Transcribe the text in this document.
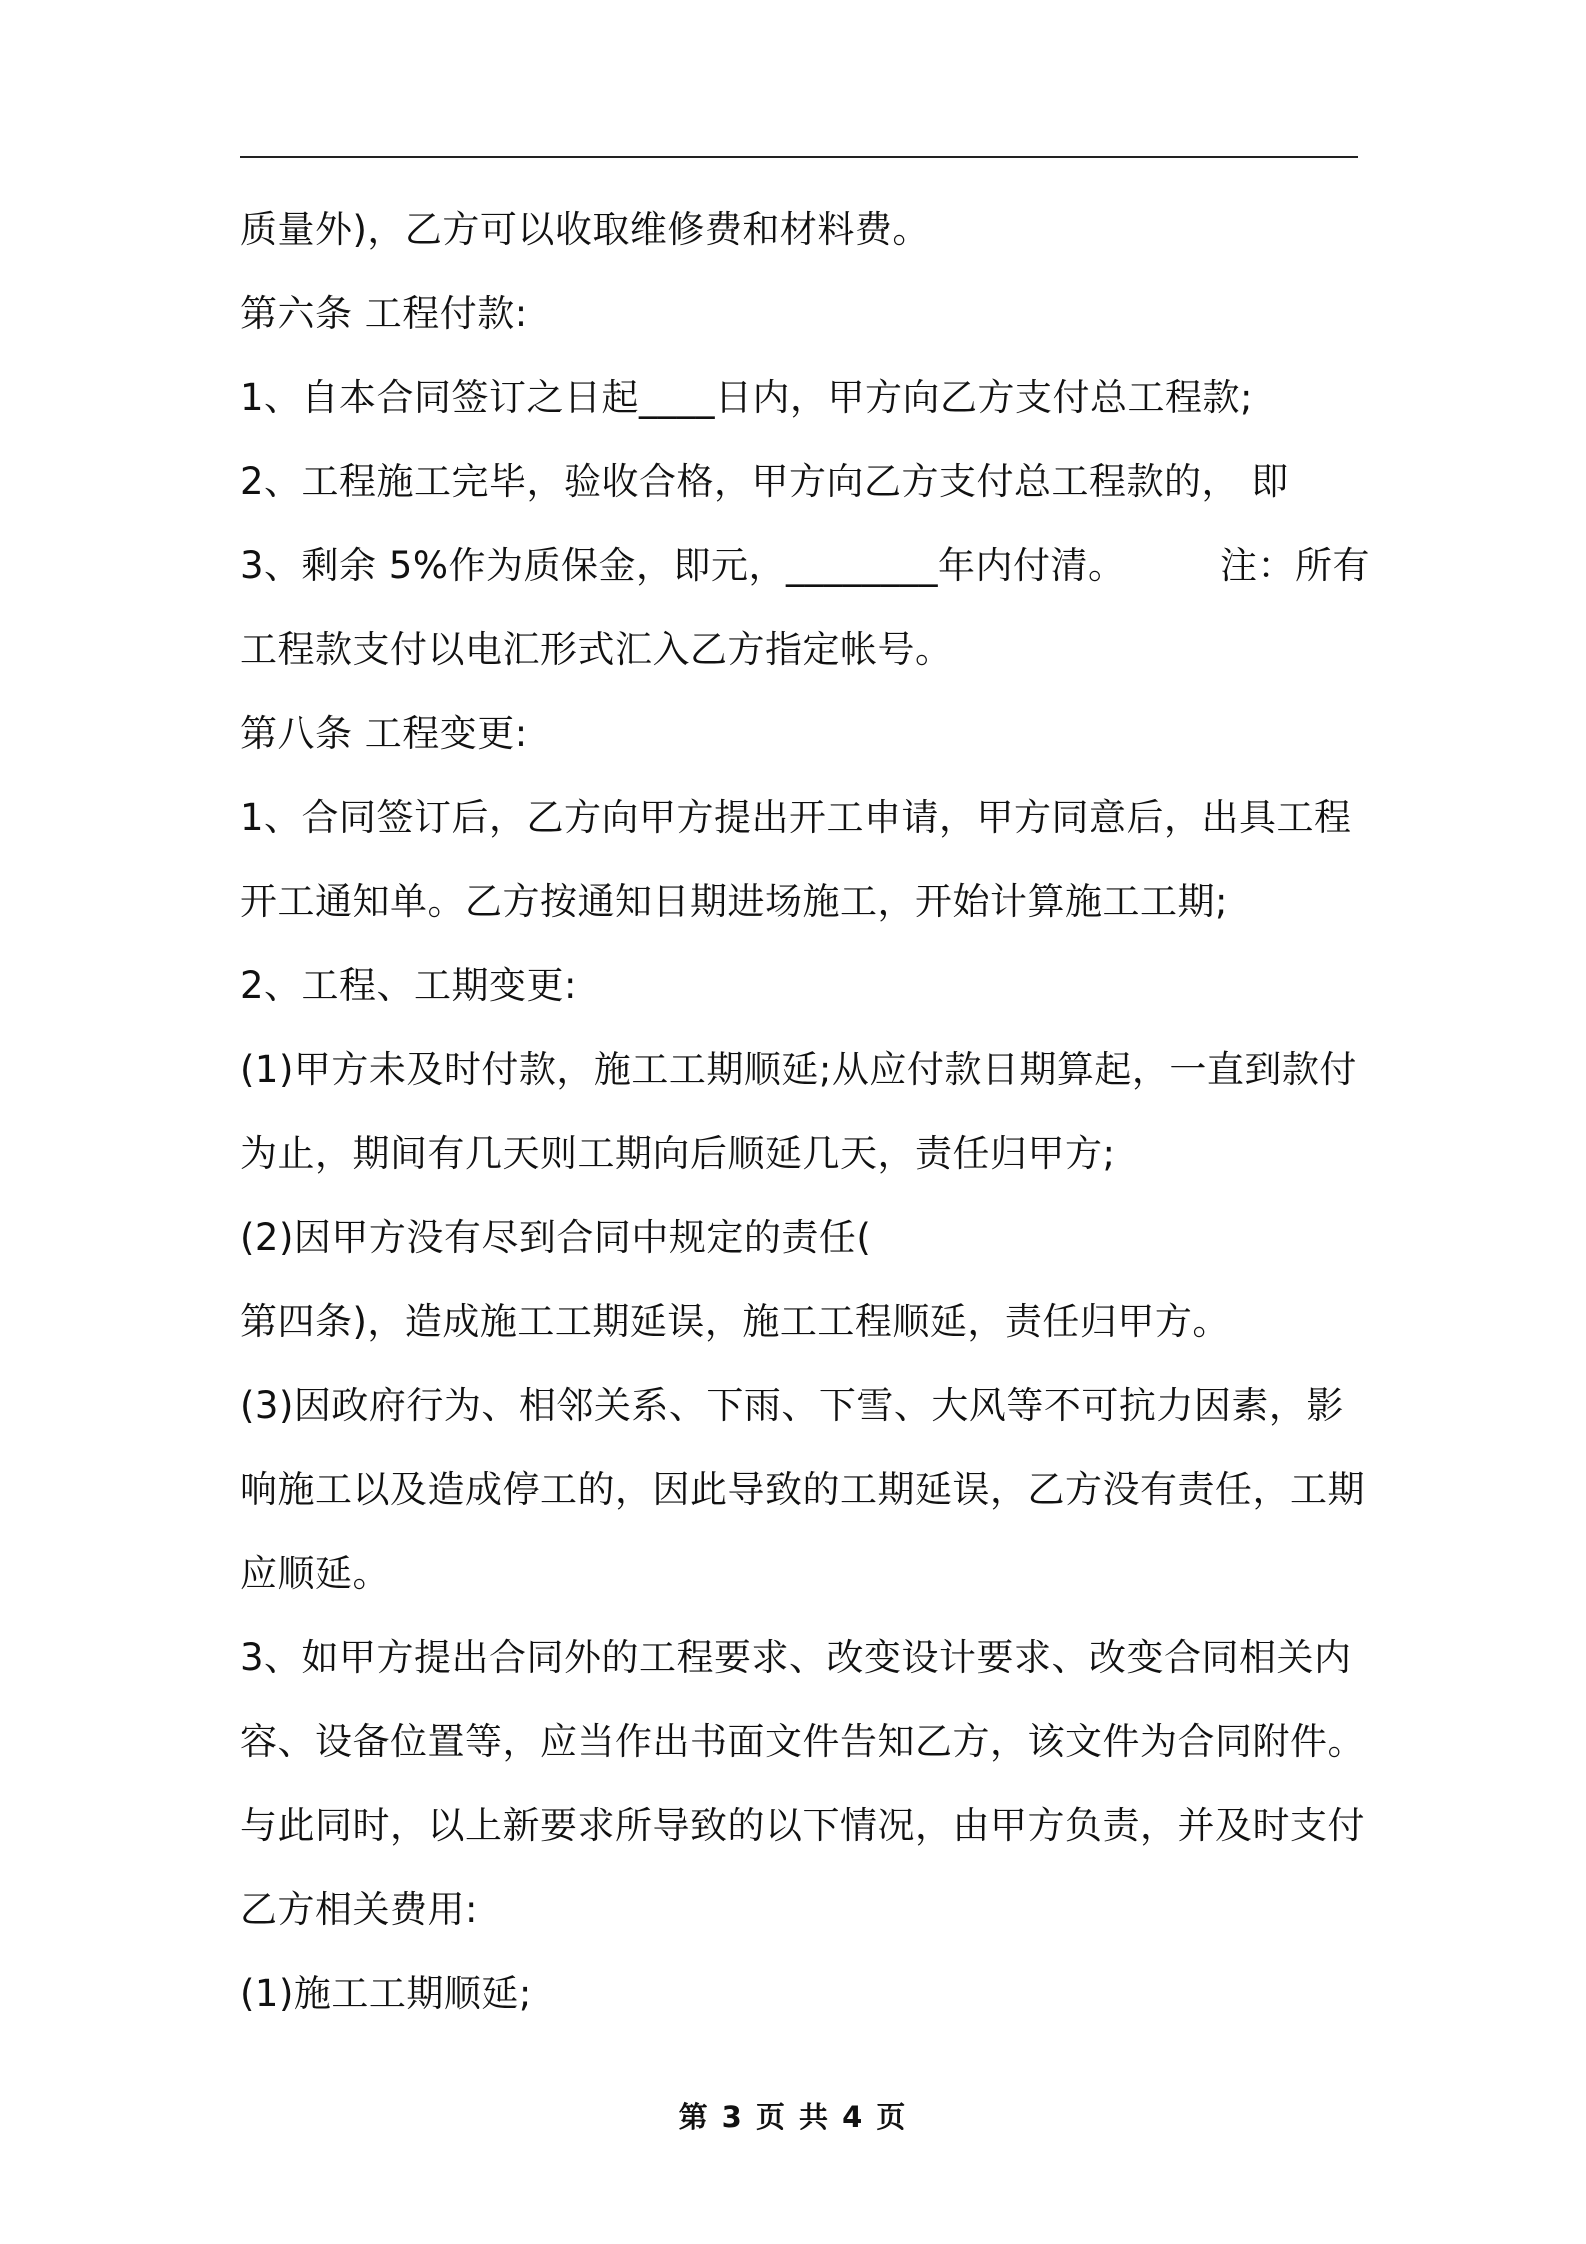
质量外)，乙方可以收取维修费和材料费。
第六条 工程付款:
1、自本合同签订之日起____日内，甲方向乙方支付总工程款;
2、工程施工完毕，验收合格，甲方向乙方支付总工程款的， 即
3、剩余 5%作为质保金，即元，________年内付清。	注：所有
工程款支付以电汇形式汇入乙方指定帐号。
第八条 工程变更:
1、合同签订后，乙方向甲方提出开工申请，甲方同意后，出具工程
开工通知单。乙方按通知日期进场施工，开始计算施工工期;
2、工程、工期变更:
(1)甲方未及时付款，施工工期顺延;从应付款日期算起，一直到款付
为止，期间有几天则工期向后顺延几天，责任归甲方;
(2)因甲方没有尽到合同中规定的责任(
第四条)，造成施工工期延误，施工工程顺延，责任归甲方。
(3)因政府行为、相邻关系、下雨、下雪、大风等不可抗力因素，影
响施工以及造成停工的，因此导致的工期延误，乙方没有责任，工期
应顺延。
3、如甲方提出合同外的工程要求、改变设计要求、改变合同相关内
容、设备位置等，应当作出书面文件告知乙方，该文件为合同附件。
与此同时，以上新要求所导致的以下情况，由甲方负责，并及时支付
乙方相关费用:
(1)施工工期顺延;
第 3 页 共 4 页
